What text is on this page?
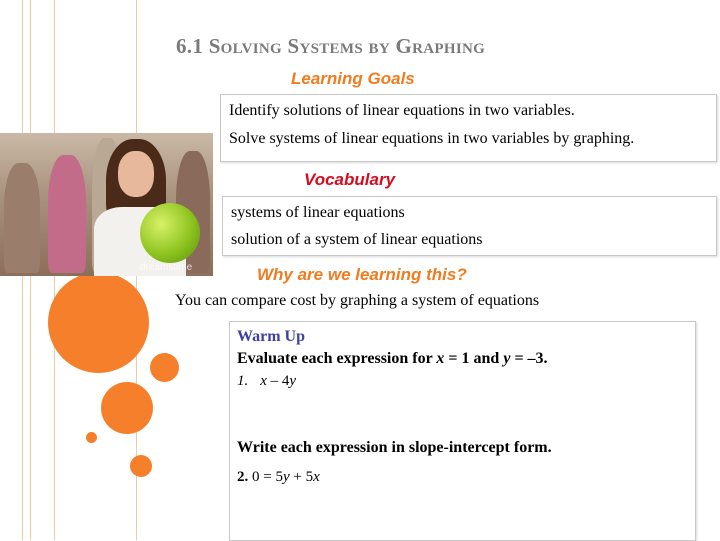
6.1 Solving Systems by Graphing
Learning Goals
Identify solutions of linear equations in two variables.
Solve systems of linear equations in two variables by graphing.
dreamstime
Vocabulary
systems of linear equations
solution of a system of linear equations
Why are we learning this?
You can compare cost by graphing a system of equations
Warm Up
Evaluate each expression for x = 1 and y = –3.
1. x – 4y
Write each expression in slope-intercept form.
2. 0 = 5y + 5x
